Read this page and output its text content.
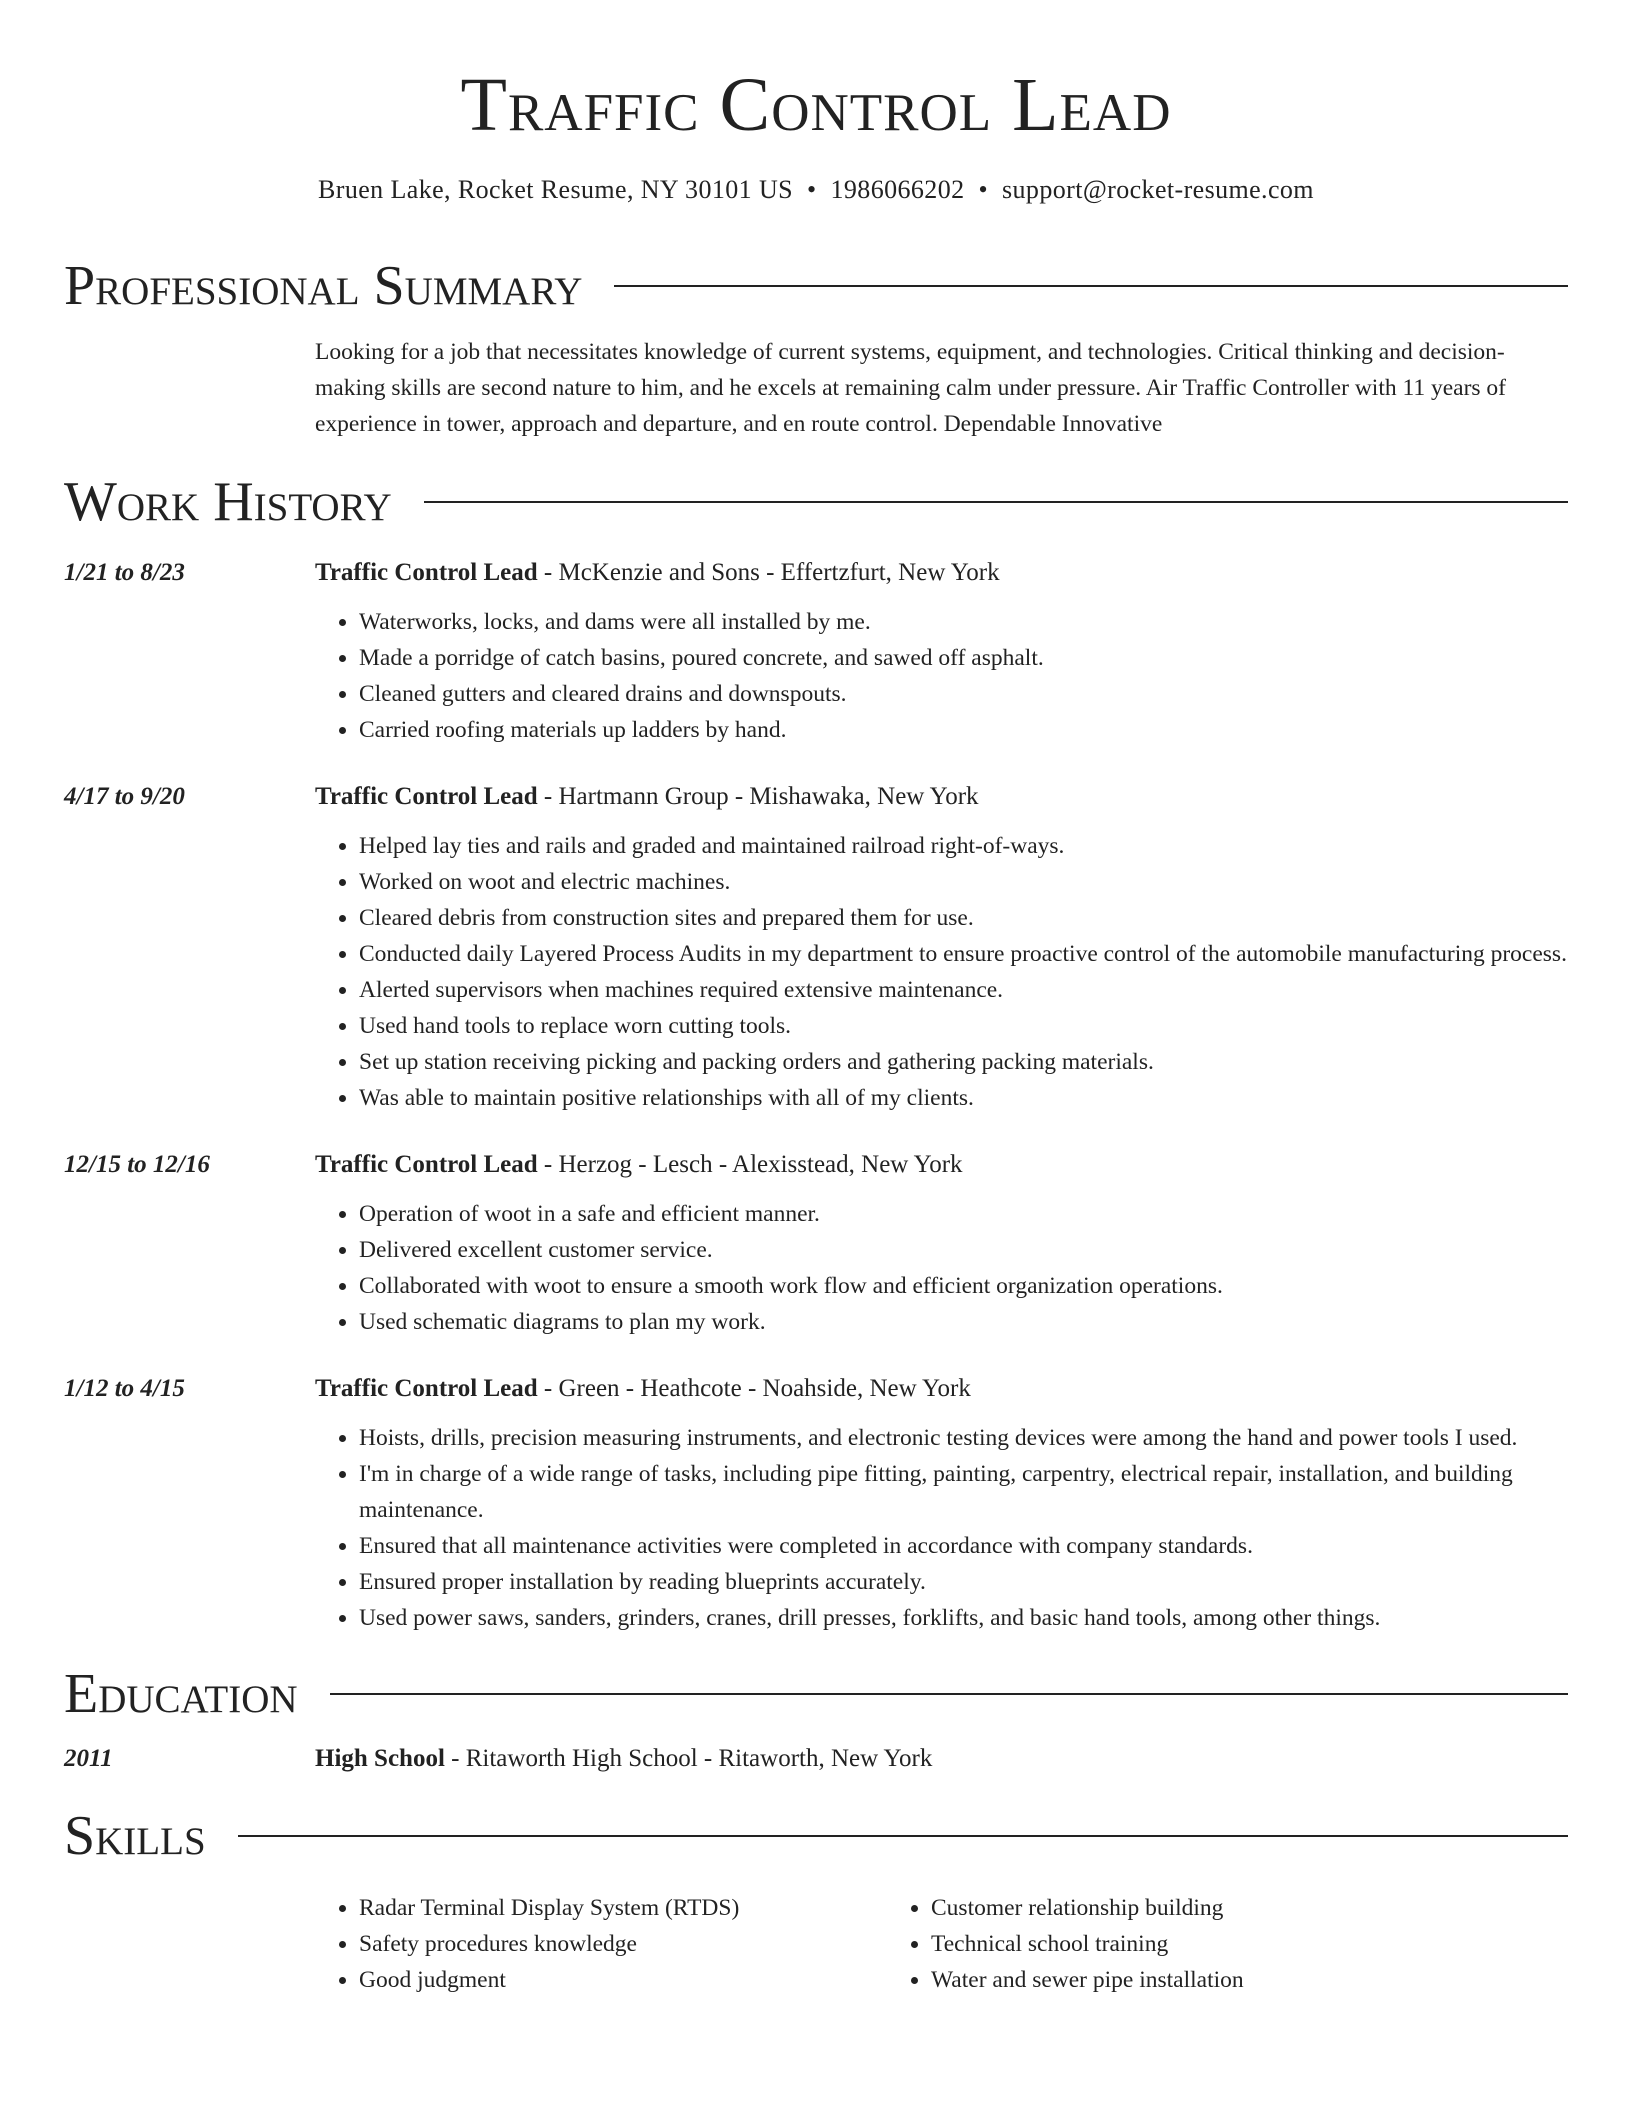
Traffic Control Lead
Bruen Lake, Rocket Resume, NY 30101 US • 1986066202 • support@rocket-resume.com
Professional Summary
Looking for a job that necessitates knowledge of current systems, equipment, and technologies. Critical thinking and decision-making skills are second nature to him, and he excels at remaining calm under pressure. Air Traffic Controller with 11 years of experience in tower, approach and departure, and en route control. Dependable Innovative
Work History
1/21 to 8/23	Traffic Control Lead - McKenzie and Sons - Effertzfurt, New York
• Waterworks, locks, and dams were all installed by me.
• Made a porridge of catch basins, poured concrete, and sawed off asphalt.
• Cleaned gutters and cleared drains and downspouts.
• Carried roofing materials up ladders by hand.
4/17 to 9/20	Traffic Control Lead - Hartmann Group - Mishawaka, New York
• Helped lay ties and rails and graded and maintained railroad right-of-ways.
• Worked on woot and electric machines.
• Cleared debris from construction sites and prepared them for use.
• Conducted daily Layered Process Audits in my department to ensure proactive control of the automobile manufacturing process.
• Alerted supervisors when machines required extensive maintenance.
• Used hand tools to replace worn cutting tools.
• Set up station receiving picking and packing orders and gathering packing materials.
• Was able to maintain positive relationships with all of my clients.
12/15 to 12/16	Traffic Control Lead - Herzog - Lesch - Alexisstead, New York
• Operation of woot in a safe and efficient manner.
• Delivered excellent customer service.
• Collaborated with woot to ensure a smooth work flow and efficient organization operations.
• Used schematic diagrams to plan my work.
1/12 to 4/15	Traffic Control Lead - Green - Heathcote - Noahside, New York
• Hoists, drills, precision measuring instruments, and electronic testing devices were among the hand and power tools I used.
• I'm in charge of a wide range of tasks, including pipe fitting, painting, carpentry, electrical repair, installation, and building maintenance.
• Ensured that all maintenance activities were completed in accordance with company standards.
• Ensured proper installation by reading blueprints accurately.
• Used power saws, sanders, grinders, cranes, drill presses, forklifts, and basic hand tools, among other things.
Education
2011	High School - Ritaworth High School - Ritaworth, New York
Skills
• Radar Terminal Display System (RTDS)
• Safety procedures knowledge
• Good judgment
• Customer relationship building
• Technical school training
• Water and sewer pipe installation
